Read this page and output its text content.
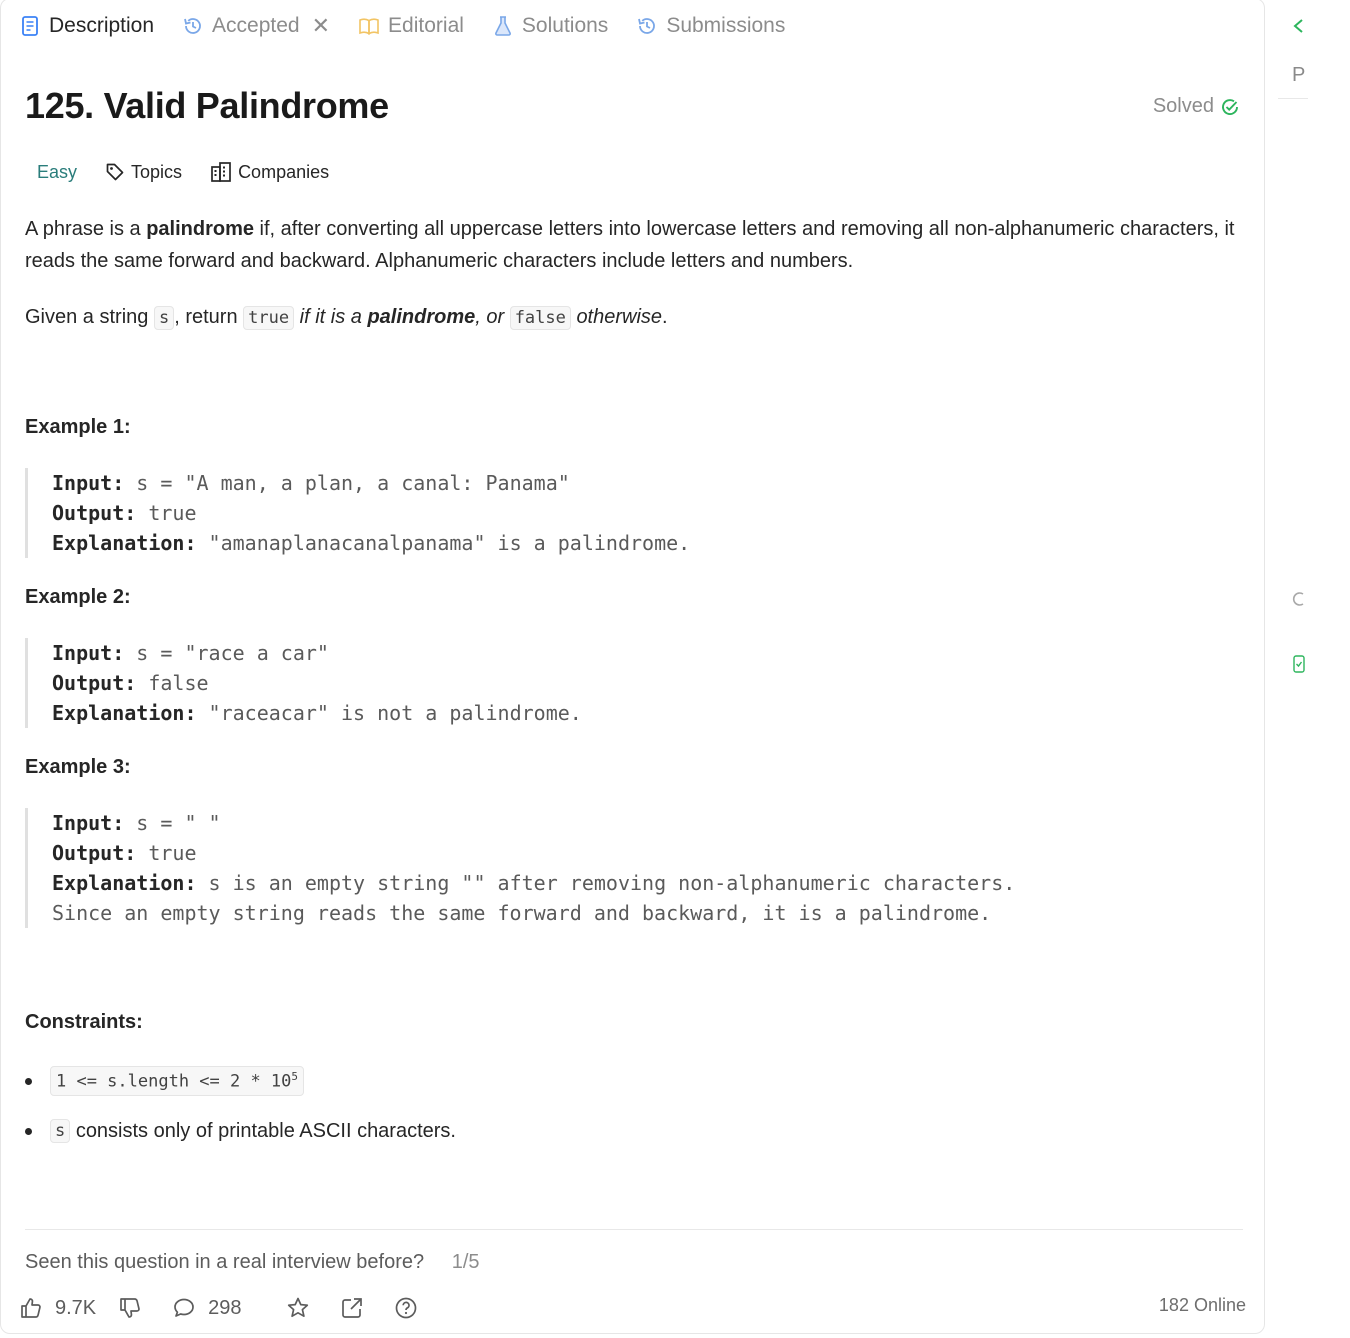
Description	Accepted ✕	Editorial	Solutions	Submissions
125. Valid Palindrome	Solved
Easy	Topics	Companies

A phrase is a palindrome if, after converting all uppercase letters into lowercase letters and removing all non-alphanumeric characters, it reads the same forward and backward. Alphanumeric characters include letters and numbers.

Given a string s , return true if it is a palindrome, or false otherwise.

Example 1:
Input: s = "A man, a plan, a canal: Panama"
Output: true
Explanation: "amanaplanacanalpanama" is a palindrome.
Example 2:
Input: s = "race a car"
Output: false
Explanation: "raceacar" is not a palindrome.
Example 3:
Input: s = " "
Output: true
Explanation: s is an empty string "" after removing non-alphanumeric characters.
Since an empty string reads the same forward and backward, it is a palindrome.
Constraints:
1 <= s.length <= $2 * 10^5$
s
consists only of printable ASCII characters.
Seen this question in a real interview before? 1/5
9.7K	298	182 Online
P
